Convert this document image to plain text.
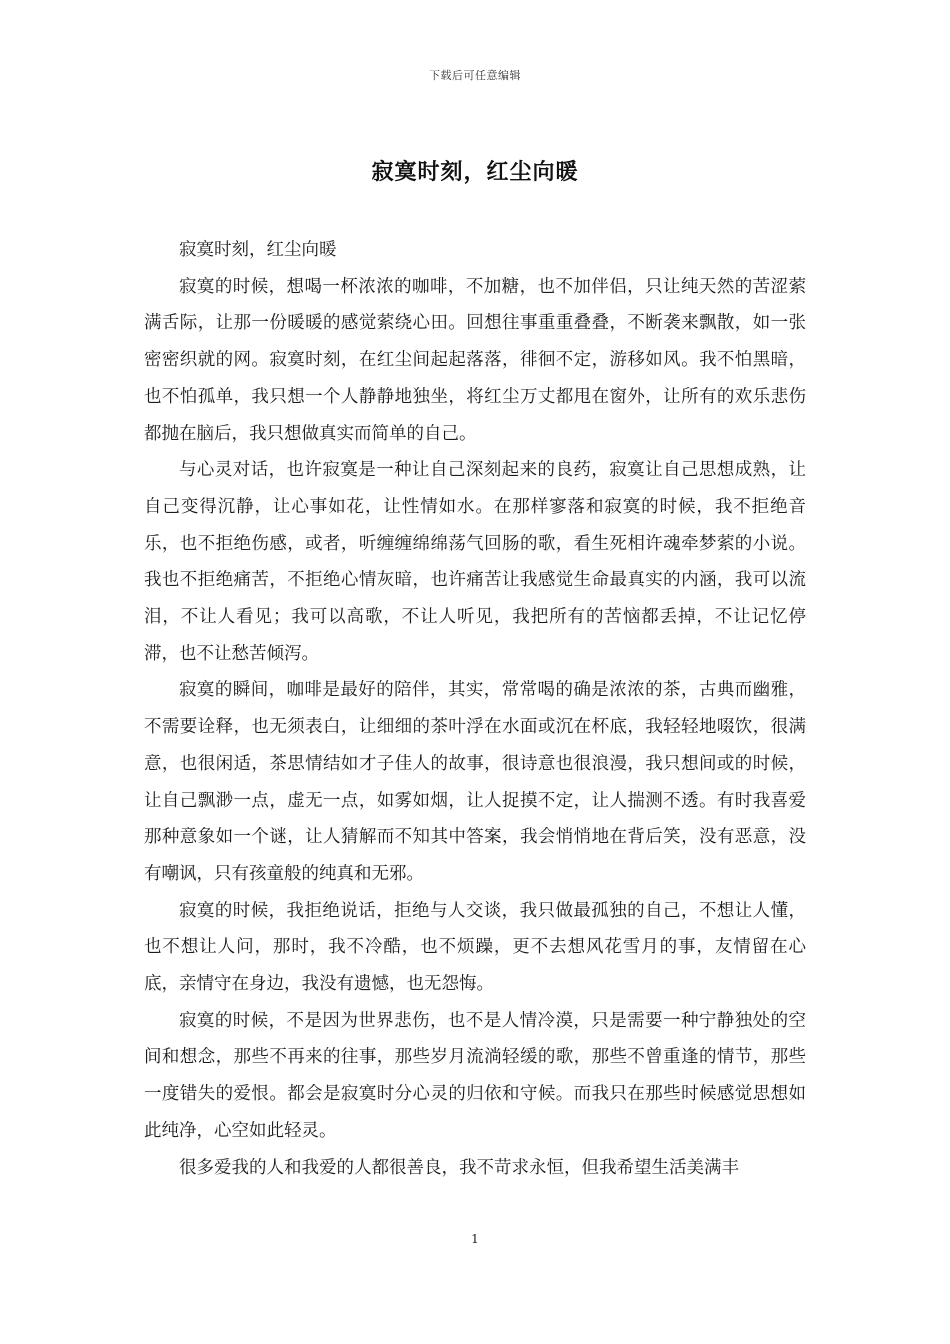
下载后可任意编辑
寂寞时刻，红尘向暖

寂寞时刻，红尘向暖

寂寞的时候，想喝一杯浓浓的咖啡，不加糖，也不加伴侣，只让纯天然的苦涩萦满舌际，让那一份暖暖的感觉萦绕心田。回想往事重重叠叠，不断袭来飘散，如一张密密织就的网。寂寞时刻，在红尘间起起落落，徘徊不定，游移如风。我不怕黑暗，也不怕孤单，我只想一个人静静地独坐，将红尘万丈都甩在窗外，让所有的欢乐悲伤都抛在脑后，我只想做真实而简单的自己。

与心灵对话，也许寂寞是一种让自己深刻起来的良药，寂寞让自己思想成熟，让自己变得沉静，让心事如花，让性情如水。在那样寥落和寂寞的时候，我不拒绝音乐，也不拒绝伤感，或者，听缠缠绵绵荡气回肠的歌，看生死相许魂牵梦萦的小说。我也不拒绝痛苦，不拒绝心情灰暗，也许痛苦让我感觉生命最真实的内涵，我可以流泪，不让人看见；我可以高歌，不让人听见，我把所有的苦恼都丢掉，不让记忆停滞，也不让愁苦倾泻。

寂寞的瞬间，咖啡是最好的陪伴，其实，常常喝的确是浓浓的茶，古典而幽雅，不需要诠释，也无须表白，让细细的茶叶浮在水面或沉在杯底，我轻轻地啜饮，很满意，也很闲适，茶思情结如才子佳人的故事，很诗意也很浪漫，我只想间或的时候，让自己飘渺一点，虚无一点，如雾如烟，让人捉摸不定，让人揣测不透。有时我喜爱那种意象如一个谜，让人猜解而不知其中答案，我会悄悄地在背后笑，没有恶意，没有嘲讽，只有孩童般的纯真和无邪。

寂寞的时候，我拒绝说话，拒绝与人交谈，我只做最孤独的自己，不想让人懂，也不想让人问，那时，我不冷酷，也不烦躁，更不去想风花雪月的事，友情留在心底，亲情守在身边，我没有遗憾，也无怨悔。

寂寞的时候，不是因为世界悲伤，也不是人情冷漠，只是需要一种宁静独处的空间和想念，那些不再来的往事，那些岁月流淌轻缓的歌，那些不曾重逢的情节，那些一度错失的爱恨。都会是寂寞时分心灵的归依和守候。而我只在那些时候感觉思想如此纯净，心空如此轻灵。

很多爱我的人和我爱的人都很善良，我不苛求永恒，但我希望生活美满丰

1
